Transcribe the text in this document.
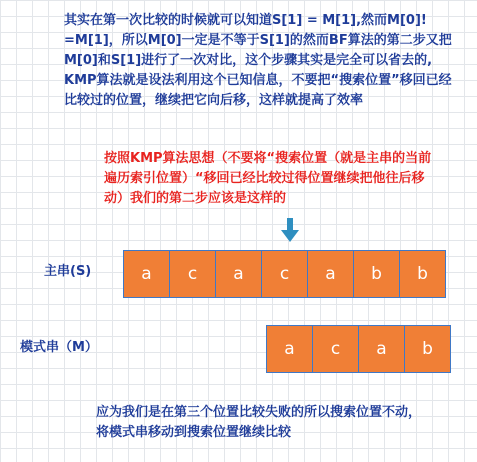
其实在第一次比较的时候就可以知道S[1] = M[1],然而M[0]!
=M[1]，所以M[0]一定是不等于S[1]的然而BF算法的第二步又把
M[0]和S[1]进行了一次对比，这个步骤其实是完全可以省去的,
KMP算法就是设法利用这个已知信息，不要把“搜索位置”移回已经
比较过的位置，继续把它向后移，这样就提高了效率
按照KMP算法思想（不要将“搜索位置（就是主串的当前
遍历索引位置）“移回已经比较过得位置继续把他往后移
动）我们的第二步应该是这样的
主串(S)	a	c	a	c	a	b	b
模式串（M）	a	c	a	b
应为我们是在第三个位置比较失败的所以搜索位置不动，
将模式串移动到搜索位置继续比较
